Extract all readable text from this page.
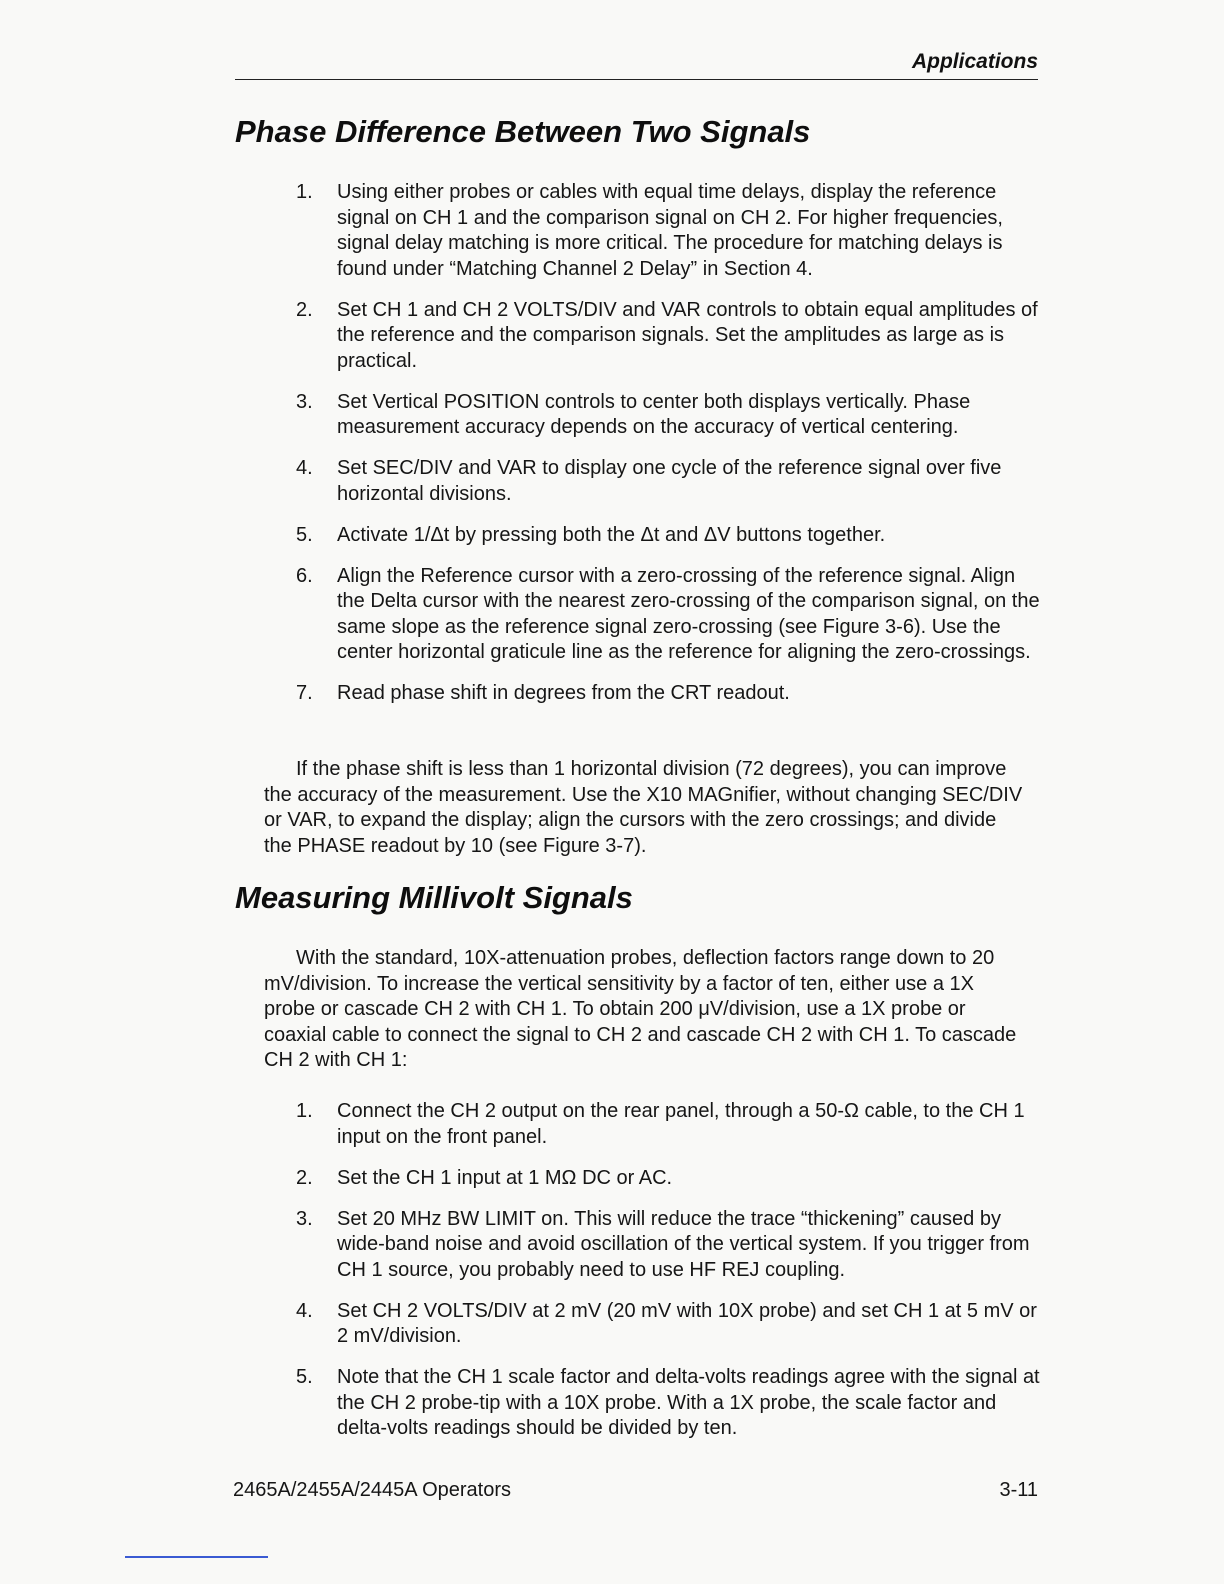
Applications
Phase Difference Between Two Signals
1. Using either probes or cables with equal time delays, display the reference signal on CH 1 and the comparison signal on CH 2. For higher frequencies, signal delay matching is more critical. The procedure for matching delays is found under “Matching Channel 2 Delay” in Section 4.
2. Set CH 1 and CH 2 VOLTS/DIV and VAR controls to obtain equal amplitudes of the reference and the comparison signals. Set the amplitudes as large as is practical.
3. Set Vertical POSITION controls to center both displays vertically. Phase measurement accuracy depends on the accuracy of vertical centering.
4. Set SEC/DIV and VAR to display one cycle of the reference signal over five horizontal divisions.
5. Activate 1/Δt by pressing both the Δt and ΔV buttons together.
6. Align the Reference cursor with a zero-crossing of the reference signal. Align the Delta cursor with the nearest zero-crossing of the comparison signal, on the same slope as the reference signal zero-crossing (see Figure 3-6). Use the center horizontal graticule line as the reference for aligning the zero-crossings.
7. Read phase shift in degrees from the CRT readout.

If the phase shift is less than 1 horizontal division (72 degrees), you can improve the accuracy of the measurement. Use the X10 MAGnifier, without changing SEC/DIV or VAR, to expand the display; align the cursors with the zero crossings; and divide the PHASE readout by 10 (see Figure 3-7).

Measuring Millivolt Signals

With the standard, 10X-attenuation probes, deflection factors range down to 20 mV/division. To increase the vertical sensitivity by a factor of ten, either use a 1X probe or cascade CH 2 with CH 1. To obtain 200 μV/division, use a 1X probe or coaxial cable to connect the signal to CH 2 and cascade CH 2 with CH 1. To cascade CH 2 with CH 1:

1. Connect the CH 2 output on the rear panel, through a 50-Ω cable, to the CH 1 input on the front panel.
2. Set the CH 1 input at 1 MΩ DC or AC.
3. Set 20 MHz BW LIMIT on. This will reduce the trace “thickening” caused by wide-band noise and avoid oscillation of the vertical system. If you trigger from CH 1 source, you probably need to use HF REJ coupling.
4. Set CH 2 VOLTS/DIV at 2 mV (20 mV with 10X probe) and set CH 1 at 5 mV or 2 mV/division.
5. Note that the CH 1 scale factor and delta-volts readings agree with the signal at the CH 2 probe-tip with a 10X probe. With a 1X probe, the scale factor and delta-volts readings should be divided by ten.
2465A/2455A/2445A Operators	3-11
